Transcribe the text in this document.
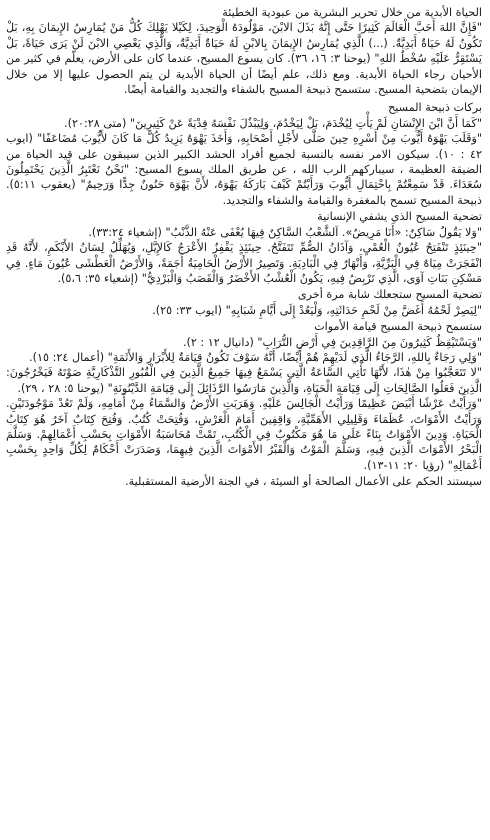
الحياة الأبدية من خلال تحرير البشرية من عبودية الخطيئة

"فَإِنَّ اللهَ أَحَبَّ الْعَالَمَ كَثِيرًا حَتَّى إِنَّهُ بَذَلَ الابْنَ، مَوْلُودَهُ الْوَحِيدَ، لِكَيْلا يَهْلِكَ كُلُّ مَنْ يُمَارِسُ الإِيمَانَ بِهِ، بَلْ تَكُونُ لَهُ حَيَاةٌ أَبَدِيَّةٌ. (...) الَّذِي يُمَارِسُ الإِيمَانَ بِالابْنِ لَهُ حَيَاةٌ أَبَدِيَّةٌ، وَالَّذِي يَعْصِي الابْنَ لَنْ يَرَى حَيَاةً، بَلْ يَسْتَقِرُّ عَلَيْهِ سُخْطُ اللهِ" (يوحنا ٣: ١٦، ٣٦). كان يسوع المسيح، عندما كان على الأرض، يعلّم في كثير من الأحيان رجاء الحياة الأبدية. ومع ذلك، علم أيضًا أن الحياة الأبدية لن يتم الحصول عليها إلا من خلال الإيمان بتضحية المسيح. ستسمح ذبيحة المسيح بالشفاء والتجديد والقيامة أيضًا.

بركات ذبيحة المسيح

"كَمَا أَنَّ ابْنَ الإِنْسَانِ لَمْ يَأْتِ لِيُخْدَمَ، بَلْ لِيَخْدُمَ، وَلِيَبْذُلَ نَفْسَهُ فِدْيَةً عَنْ كَثِيرِينَ" (متى ٢٠:٢٨).

"وَقَلَبَ يَهْوَهُ أَيُّوبَ مِنْ أَسْرِهِ حِينَ صَلَّى لأَجْلِ أَصْحَابِهِ، وَأَخَذَ يَهْوَهُ يَزِيدُ كُلَّ مَا كَانَ لأَيُّوبَ مُضَاعَفًا" (ايوب ٤٢ : ١٠). سيكون الامر نفسه بالنسبة لجميع أفراد الحشد الكبير الذين سيبقون على قيد الحياة من الضيقة العظيمة ، سيباركهم الرب الله ، عن طريق الملك يسوع المسيح: "نَحْنُ نَعْتَبِرُ الَّذِينَ يَحْتَمِلُونَ سُعَدَاءَ. قَدْ سَمِعْتُمْ بِاحْتِمَالِ أَيُّوبَ وَرَأَيْتُمْ كَيْفَ بَارَكَهُ يَهْوَهُ، لأَنَّ يَهْوَهَ حَنُونٌ جِدًّا وَرَحِيمٌ" (يعقوب ٥:١١). ذبيحة المسيح تسمح بالمغفرة والقيامة والشفاء والتجديد.

تضحية المسيح الذي يشفي الإنسانية

"وَلا يَقُولُ سَاكِنٌ: «أَنَا مَرِيضٌ». اَلشَّعْبُ السَّاكِنُ فِيهَا يُعْفَى عَنْهُ الذَّنْبُ" (إشعياء ٣٣:٢٤).

"حِينَئِذٍ تَنْفَتِحُ عُيُونُ الْعُمْيِ، وَآذَانُ الصُّمِّ تَتَفَتَّحُ. حِينَئِذٍ يَقْفِزُ الأَعْرَجُ كَالإِيَّلِ، وَيُهَلِّلُ لِسَانُ الأَبْكَمِ، لأَنَّهُ قَدِ انْفَجَرَتْ مِيَاهٌ فِي الْبَرِّيَّةِ، وَأَنْهَارٌ فِي الْبَادِيَةِ. وَتَصِيرُ الأَرْضُ الْحَامِيَةُ أَجَمَةً، وَالأَرْضُ الْعَطْشَى عُيُونَ مَاءٍ. فِي مَسْكِنِ بَنَاتِ آوَى، الَّذِي تَرْبِضُ فِيهِ، يَكُونُ الْعُشْبُ الأَخْضَرُ وَالْقَصَبُ وَالْبَرْدِيُّ" (إشعياء ٣٥: ٥،٦).

تضحية المسيح ستجعلك شابة مرة أخرى

"لِيَصِرْ لَحْمُهُ أَغَضَّ مِنْ لَحْمِ حَدَاثَتِهِ، وَلْيَعُدْ إِلَى أَيَّامِ شَبَابِهِ" (ايوب ٣٣: ٢٥).

ستسمح ذبيحة المسيح قيامة الأموات

"وَيَسْتَيْقِظُ كَثِيرُونَ مِنَ الرَّاقِدِينَ فِي أَرْضِ التُّرَابِ" (دانيال ١٢ : ٢).

"وَلِي رَجَاءٌ بِاللهِ، الرَّجَاءُ الَّذِي لَدَيْهِمْ هُمْ أَيْضًا، أَنَّهُ سَوْفَ تَكُونُ قِيَامَةٌ لِلأَبْرَارِ وَالأَثَمَةِ" (أعمال ٢٤: ١٥).

"لا تَتَعَجَّبُوا مِنْ هٰذَا، لأَنَّهَا تَأْتِي السَّاعَةُ الَّتِي يَسْمَعُ فِيهَا جَمِيعُ الَّذِينَ فِي الْقُبُورِ التَّذْكَارِيَّةِ صَوْتَهُ فَيَخْرُجُونَ: الَّذِينَ فَعَلُوا الصَّالِحَاتِ إِلَى قِيَامَةِ الْحَيَاةِ، وَالَّذِينَ مَارَسُوا الرَّذَائِلَ إِلَى قِيَامَةِ الدَّيْنُونَةِ" (يوحنا ٥: ٢٨ ، ٢٩).

"وَرَأَيْتُ عَرْشًا أَبْيَضَ عَظِيمًا وَرَأَيْتُ الْجَالِسَ عَلَيْهِ. وَهَرَبَتِ الأَرْضُ وَالسَّمَاءُ مِنْ أَمَامِهِ، وَلَمْ تَعُدْ مَوْجُودَتَيْنِ. وَرَأَيْتُ الأَمْوَاتَ، عُظَمَاءَ وَقَلِيلِي الأَهَمِّيَّةِ، وَاقِفِينَ أَمَامَ الْعَرْشِ، وَفُتِحَتْ كُتُبٌ. وَفُتِحَ كِتَابٌ آخَرُ هُوَ كِتَابُ الْحَيَاةِ. وَدِينَ الأَمْوَاتُ بِنَاءً عَلَى مَا هُوَ مَكْتُوبٌ فِي الْكُتُبِ، تَمْتْ مُحَاسَبَةُ الأَمْوَاتِ بِحَسْبِ أَعْمَالِهِمْ. وَسَلَّمَ الْبَحْرُ الأَمْوَاتَ الَّذِينَ فِيهِ، وَسَلَّمَ الْمَوْتُ وَالْقَبْرُ الأَمْوَاتَ الَّذِينَ فِيهِمَا، وَصَدَرَتْ أَحْكَامٌ لِكُلِّ وَاحِدٍ بِحَسْبِ أَعْمَالِهِ" (رؤيا ٢٠: ١١-١٣).

سيستند الحكم على الأعمال الصالحة أو السيئة ، في الجنة الأرضية المستقبلية.
